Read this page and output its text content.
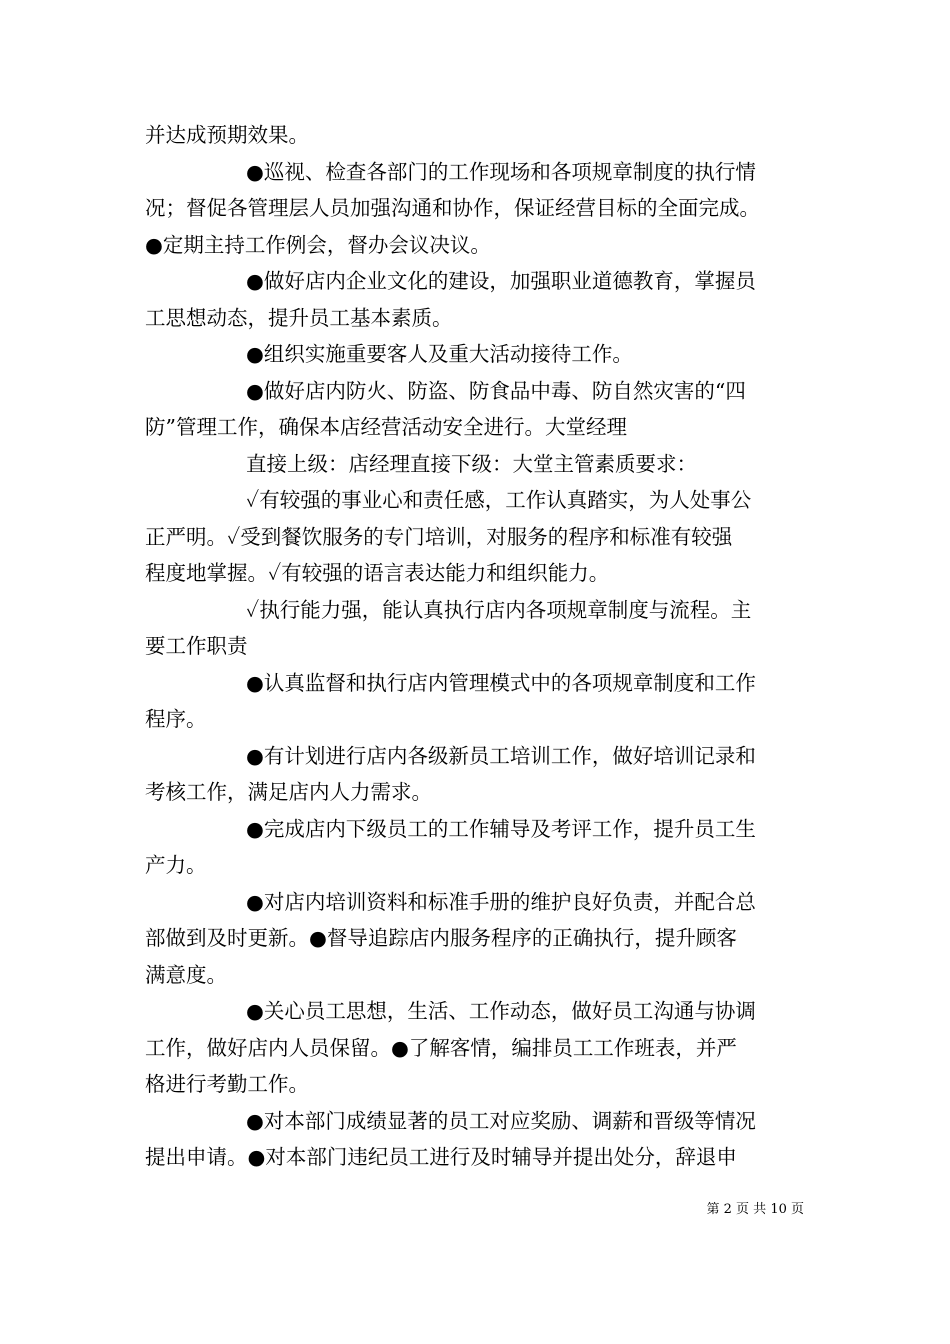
并达成预期效果。
●巡视、检查各部门的工作现场和各项规章制度的执行情
况；督促各管理层人员加强沟通和协作，保证经营目标的全面完成。
●定期主持工作例会，督办会议决议。
●做好店内企业文化的建设，加强职业道德教育，掌握员
工思想动态，提升员工基本素质。
●组织实施重要客人及重大活动接待工作。
●做好店内防火、防盗、防食品中毒、防自然灾害的“四
防”管理工作，确保本店经营活动安全进行。大堂经理
直接上级：店经理直接下级：大堂主管素质要求：
✓有较强的事业心和责任感，工作认真踏实，为人处事公
正严明。✓受到餐饮服务的专门培训，对服务的程序和标准有较强
程度地掌握。✓有较强的语言表达能力和组织能力。
✓执行能力强，能认真执行店内各项规章制度与流程。主
要工作职责
●认真监督和执行店内管理模式中的各项规章制度和工作
程序。
●有计划进行店内各级新员工培训工作，做好培训记录和
考核工作，满足店内人力需求。
●完成店内下级员工的工作辅导及考评工作，提升员工生
产力。
●对店内培训资料和标准手册的维护良好负责，并配合总
部做到及时更新。●督导追踪店内服务程序的正确执行，提升顾客
满意度。
●关心员工思想，生活、工作动态，做好员工沟通与协调
工作，做好店内人员保留。●了解客情，编排员工工作班表，并严
格进行考勤工作。
●对本部门成绩显著的员工对应奖励、调薪和晋级等情况
提出申请。●对本部门违纪员工进行及时辅导并提出处分，辞退申
第 2 页 共 10 页
